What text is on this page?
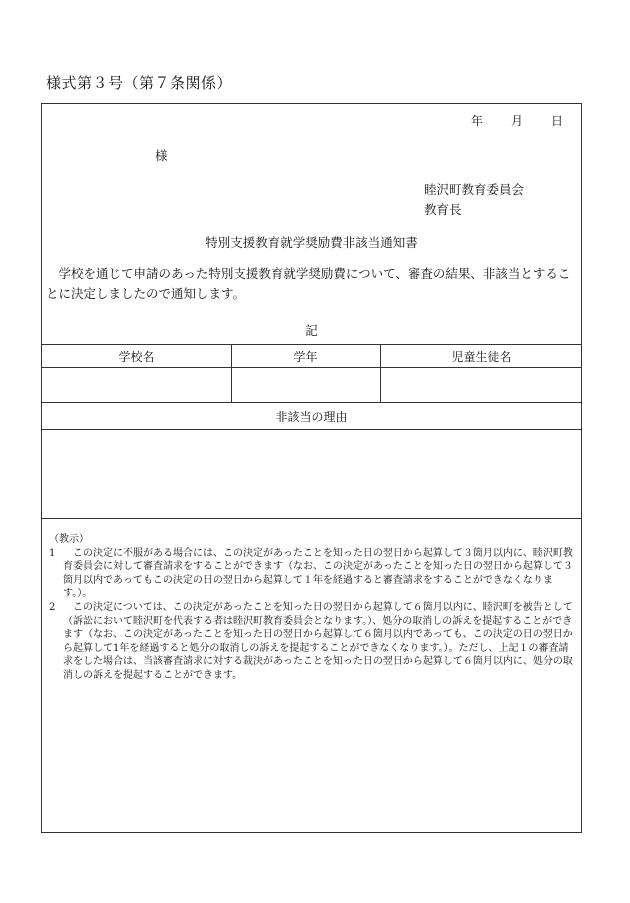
様式第３号（第７条関係）
年 月 日
様
睦沢町教育委員会
教育長
特別支援教育就学奨励費非該当通知書
学校を通じて申請のあった特別支援教育就学奨励費について、審査の結果、非該当とすることに決定しましたので通知します。
記
学校名	学年	児童生徒名
非該当の理由

（教示）

1	この決定に不服がある場合には、この決定があったことを知った日の翌日から起算して３箇月以内に、睦沢町教育委員会に対して審査請求をすることができます（なお、この決定があったことを知った日の翌日から起算して３箇月以内であってもこの決定の日の翌日から起算して１年を経過すると審査請求をすることができなくなります。）。
2	この決定については、この決定があったことを知った日の翌日から起算して６箇月以内に、睦沢町を被告として（訴訟において睦沢町を代表する者は睦沢町教育委員会となります。）、処分の取消しの訴えを提起することができます（なお、この決定があったことを知った日の翌日から起算して６箇月以内であっても、この決定の日の翌日から起算して1年を経過すると処分の取消しの訴えを提起することができなくなります。）。ただし、上記１の審査請求をした場合は、当該審査請求に対する裁決があったことを知った日の翌日から起算して６箇月以内に、処分の取消しの訴えを提起することができます。
